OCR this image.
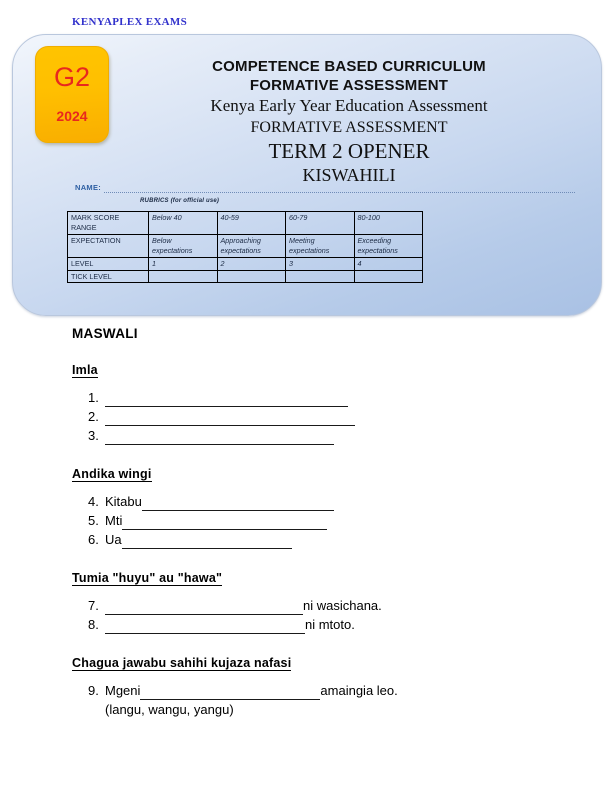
KENYAPLEX EXAMS
G2
2024
COMPETENCE BASED CURRICULUM
FORMATIVE ASSESSMENT
Kenya Early Year Education Assessment
FORMATIVE ASSESSMENT
TERM 2 OPENER
KISWAHILI
NAME:
RUBRICS (for official use)
MARK SCORE RANGE	Below 40	40-59	60-79	80-100
EXPECTATION	Below expectations	Approaching expectations	Meeting expectations	Exceeding expectations
LEVEL	1	2	3	4
TICK LEVEL				
MASWALI
Imla
1.
2.
3.
Andika wingi
4. Kitabu
5. Mti
6. Ua
Tumia "huyu" au "hawa"
7.	ni wasichana.
8.	ni mtoto.
Chagua jawabu sahihi kujaza nafasi
9. Mgeni	amaingia leo.
(langu, wangu, yangu)
